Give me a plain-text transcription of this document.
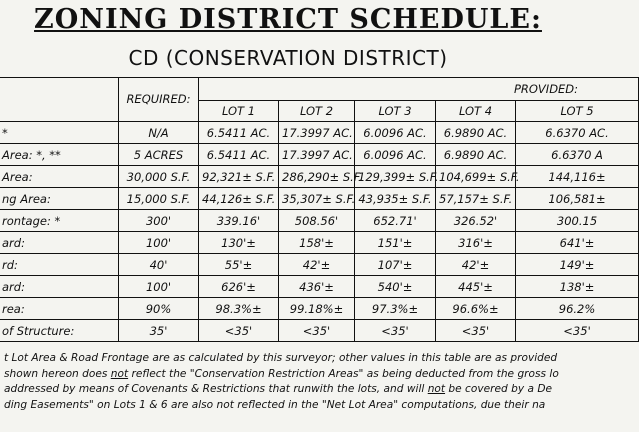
ZONING DISTRICT SCHEDULE:
CD (CONSERVATION DISTRICT)
	REQUIRED:	PROVIDED:					
		LOT 1	LOT 2	LOT 3	LOT 4	LOT 5	
*	N/A	6.5411 AC.	17.3997 AC.	6.0096 AC.	6.9890 AC.	6.6370 AC.	
Area: *, **	5 ACRES	6.5411 AC.	17.3997 AC.	6.0096 AC.	6.9890 AC.	6.6370 A	
Area:	30,000 S.F.	92,321± S.F.	286,290± S.F.	129,399± S.F.	104,699± S.F.	144,116±	
ng Area:	15,000 S.F.	44,126± S.F.	35,307± S.F.	43,935± S.F.	57,157± S.F.	106,581±	
rontage: *	300'	339.16'	508.56'	652.71'	326.52'	300.15	
ard:	100'	130'±	158'±	151'±	316'±	641'±	
rd:	40'	55'±	42'±	107'±	42'±	149'±	
ard:	100'	626'±	436'±	540'±	445'±	138'±	
rea:	90%	98.3%±	99.18%±	97.3%±	96.6%±	96.2%	
of Structure:	35'	<35'	<35'	<35'	<35'	<35'	
t Lot Area & Road Frontage are as calculated by this surveyor; other values in this table are as provided
shown hereon does not reflect the "Conservation Restriction Areas" as being deducted from the gross lo
addressed by means of Covenants & Restrictions that runwith the lots, and will not be covered by a De
ding Easements" on Lots 1 & 6 are also not reflected in the "Net Lot Area" computations, due their na
